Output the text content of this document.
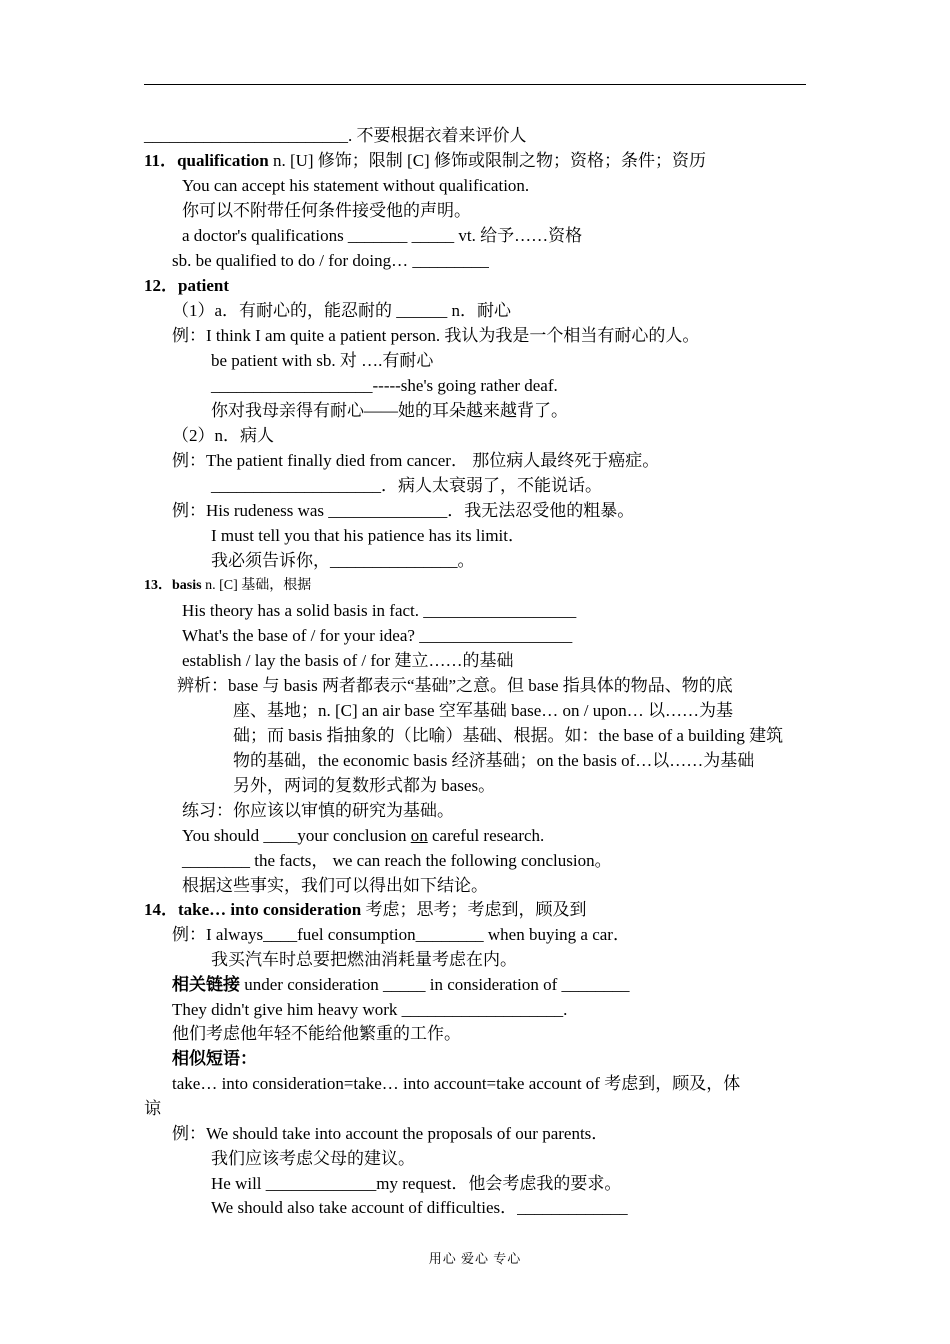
________________________. 不要根据衣着来评价人
11．qualification n. [U] 修饰；限制 [C] 修饰或限制之物；资格；条件；资历
You can accept his statement without qualification.
你可以不附带任何条件接受他的声明。
a doctor's qualifications _______ _____ vt. 给予……资格
sb. be qualified to do / for doing… _________
12．patient
（1）a．有耐心的，能忍耐的 ______ n．耐心
例：I think I am quite a patient person. 我认为我是一个相当有耐心的人。
be patient with sb. 对 ….有耐心
___________________-----she's going rather deaf.
你对我母亲得有耐心——她的耳朵越来越背了。
（2）n．病人
例：The patient finally died from cancer． 那位病人最终死于癌症。
____________________．病人太衰弱了，不能说话。
例：His rudeness was ______________．我无法忍受他的粗暴。
I must tell you that his patience has its limit．
我必须告诉你，_______________。
13．basis n. [C] 基础，根据
His theory has a solid basis in fact. __________________
What's the base of / for your idea? __________________
establish / lay the basis of / for 建立……的基础
辨析：base 与 basis 两者都表示“基础”之意。但 base 指具体的物品、物的底
座、基地；n. [C] an air base 空军基础 base… on / upon… 以……为基
础；而 basis 指抽象的（比喻）基础、根据。如：the base of a building 建筑
物的基础，the economic basis 经济基础；on the basis of…以……为基础
另外，两词的复数形式都为 bases。
练习：你应该以审慎的研究为基础。
You should ____your conclusion on careful research.
________ the facts， we can reach the following conclusion。
根据这些事实，我们可以得出如下结论。
14．take… into consideration 考虑；思考；考虑到，顾及到
例：I always____fuel consumption________ when buying a car．
我买汽车时总要把燃油消耗量考虑在内。
相关链接 under consideration _____ in consideration of ________
They didn't give him heavy work ___________________.
他们考虑他年轻不能给他繁重的工作。
相似短语：
take… into consideration=take… into account=take account of 考虑到，顾及，体
谅
例：We should take into account the proposals of our parents．
我们应该考虑父母的建议。
He will _____________my request．他会考虑我的要求。
We should also take account of difficulties．_____________
用心 爱心 专心
